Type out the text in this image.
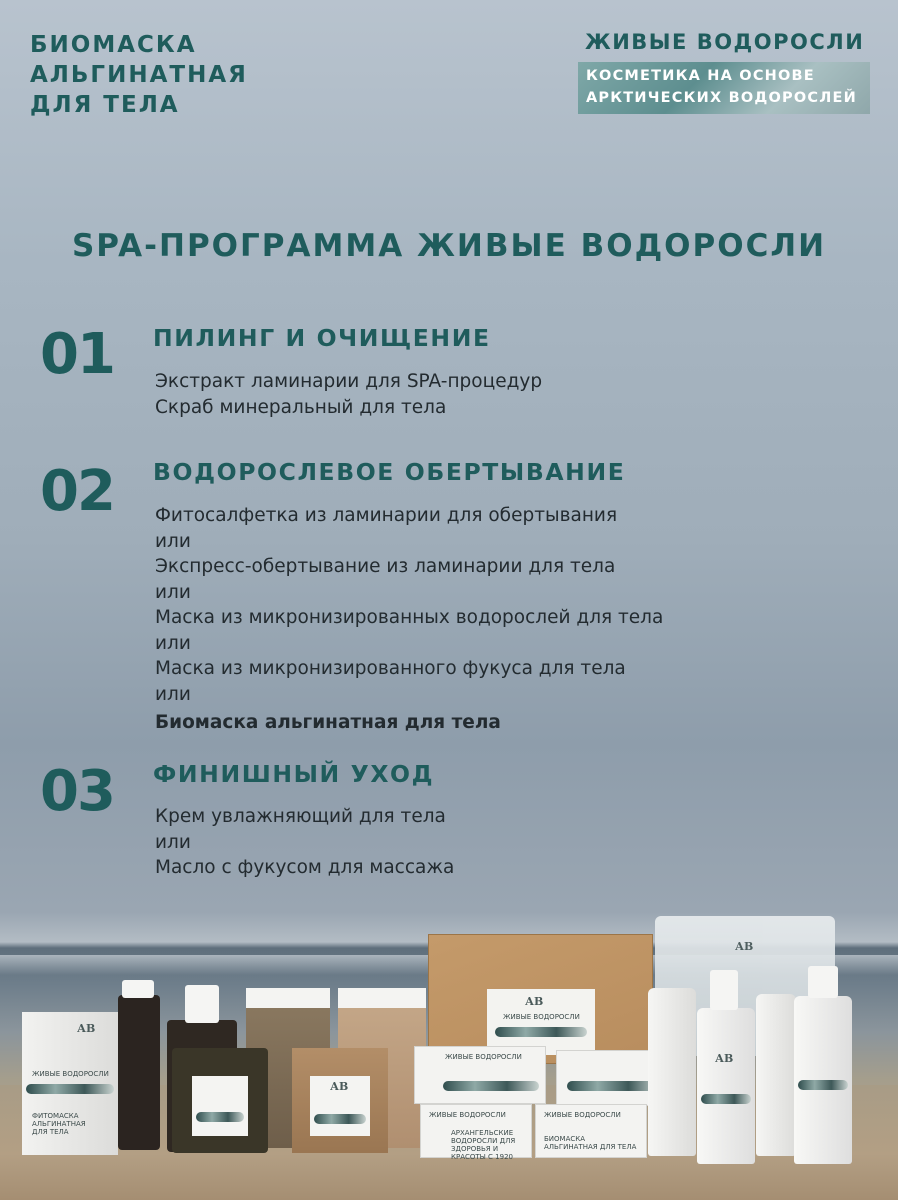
БИОМАСКА
АЛЬГИНАТНАЯ
ДЛЯ ТЕЛА
ЖИВЫЕ ВОДОРОСЛИ
КОСМЕТИКА НА ОСНОВЕ
АРКТИЧЕСКИХ ВОДОРОСЛЕЙ
SPA-ПРОГРАММА ЖИВЫЕ ВОДОРОСЛИ
01 ПИЛИНГ И ОЧИЩЕНИЕ
Экстракт ламинарии для SPA-процедур
Скраб минеральный для тела
02 ВОДОРОСЛЕВОЕ ОБЕРТЫВАНИЕ
Фитосалфетка из ламинарии для обертывания
или
Экспресс-обертывание из ламинарии для тела
или
Маска из микронизированных водорослей для тела
или
Маска из микронизированного фукуса для тела
или
Биомаска альгинатная для тела
03 ФИНИШНЫЙ УХОД
Крем увлажняющий для тела
или
Масло с фукусом для массажа
АВ
ЖИВЫЕ ВОДОРОСЛИ
АВ
АВ
ЖИВЫЕ ВОДОРОСЛИ
ФИТОМАСКА АЛЬГИНАТНАЯ ДЛЯ ТЕЛА
АВ
ЖИВЫЕ ВОДОРОСЛИ
ЖИВЫЕ ВОДОРОСЛИ
АРХАНГЕЛЬСКИЕ ВОДОРОСЛИ ДЛЯ ЗДОРОВЬЯ И КРАСОТЫ С 1920
ЖИВЫЕ ВОДОРОСЛИ
БИОМАСКА АЛЬГИНАТНАЯ ДЛЯ ТЕЛА
АВ
